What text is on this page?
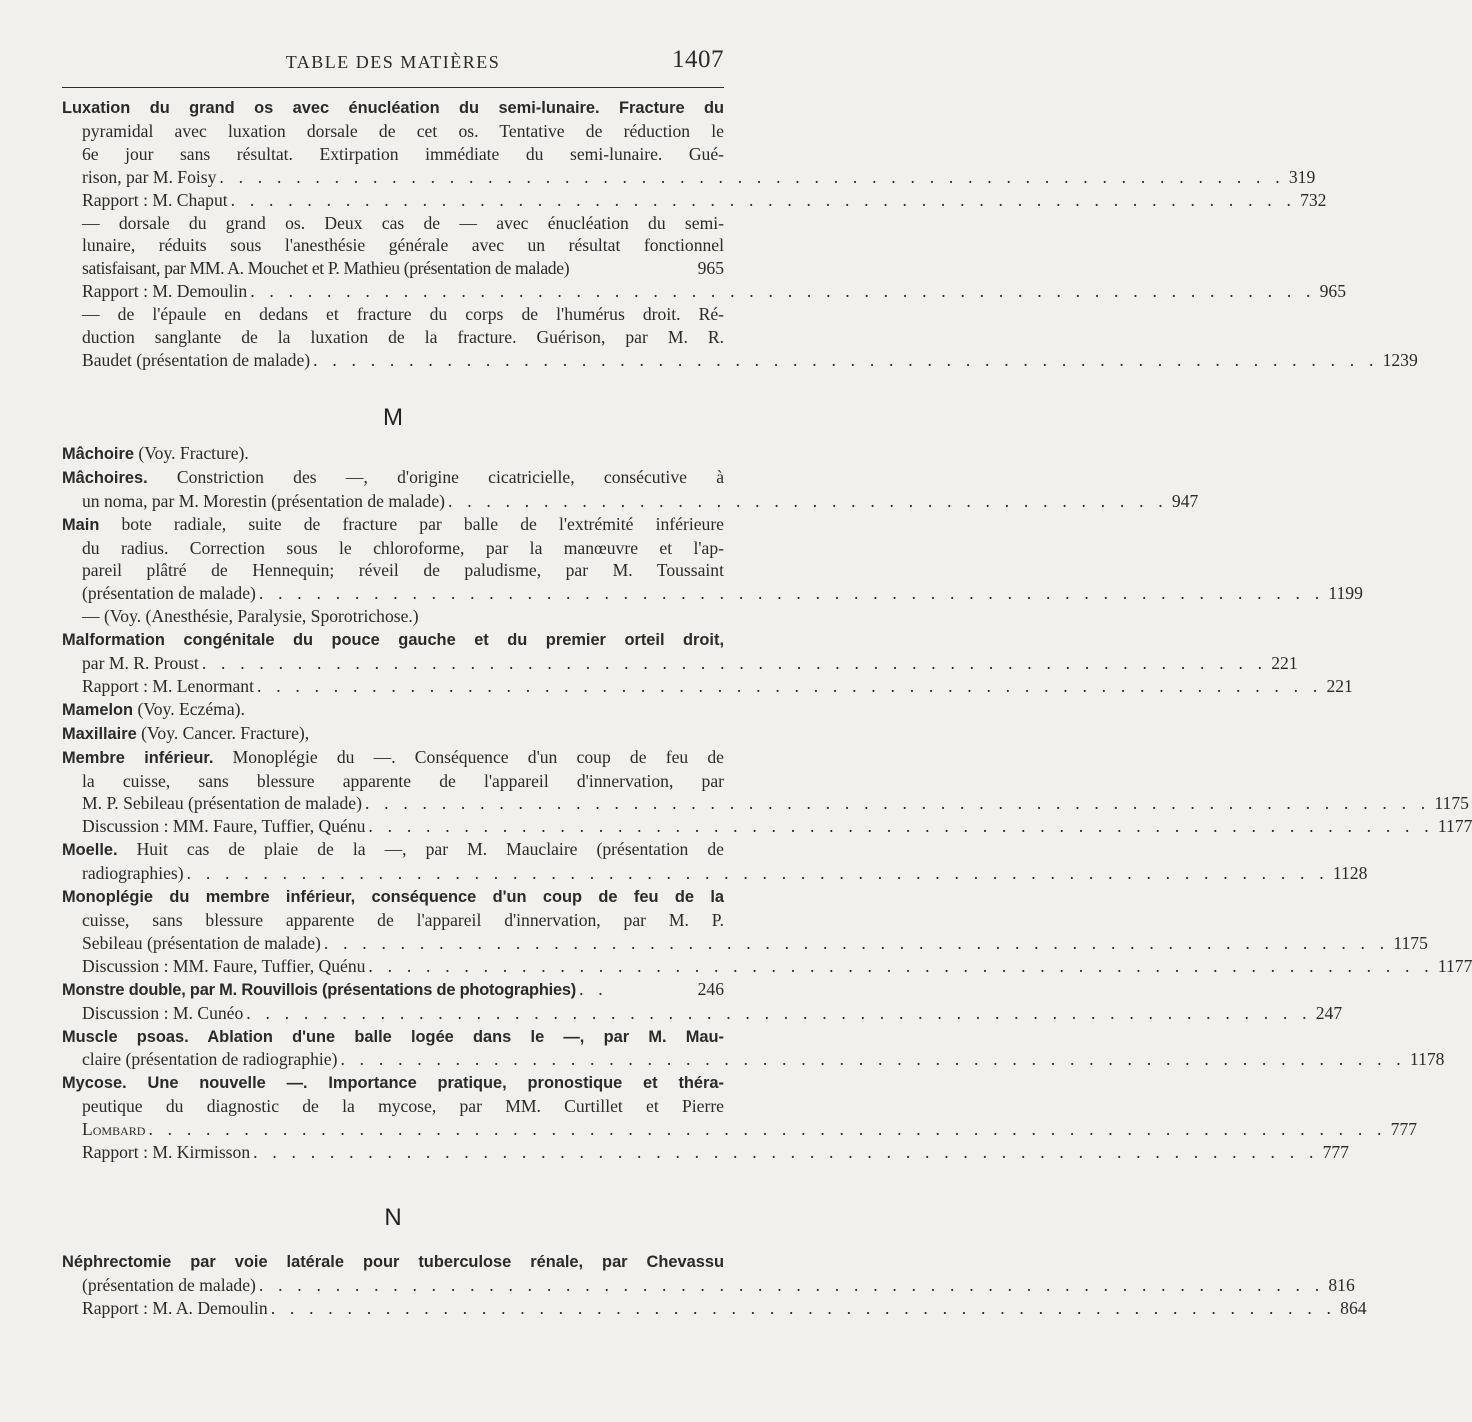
TABLE DES MATIÈRES	1407
Luxation du grand os avec énucléation du semi-lunaire. Fracture du
pyramidal avec luxation dorsale de cet os. Tentative de réduction le
6e jour sans résultat. Extirpation immédiate du semi-lunaire. Gué-
rison, par M. Foisy . . . . . . . . . . . . . . . . . . . . . . . . . . . . . . . . . . . . . . . . . . . . . . . . . . . . . . . . 319
Rapport : M. Chaput . . . . . . . . . . . . . . . . . . . . . . . . . . . . . . . . . . . . . . . . . . . . . . . . . . . . . . . . 732
— dorsale du grand os. Deux cas de — avec énucléation du semi-
lunaire, réduits sous l'anesthésie générale avec un résultat fonctionnel
satisfaisant, par MM. A. Mouchet et P. Mathieu (présentation de malade)	965
Rapport : M. Demoulin . . . . . . . . . . . . . . . . . . . . . . . . . . . . . . . . . . . . . . . . . . . . . . . . . . . . . . . . 965
— de l'épaule en dedans et fracture du corps de l'humérus droit. Ré-
duction sanglante de la luxation de la fracture. Guérison, par M. R.
Baudet (présentation de malade) . . . . . . . . . . . . . . . . . . . . . . . . . . . . . . . . . . . . . . . . . . . . . . . . . . . . . . . . 1239
M
Mâchoire (Voy. Fracture).
Mâchoires. Constriction des —, d'origine cicatricielle, consécutive à
un noma, par M. Morestin (présentation de malade) . . . . . . . . . . . . . . . . . . . . . . . . . . . . . . . . . . . . . . 947
Main bote radiale, suite de fracture par balle de l'extrémité inférieure
du radius. Correction sous le chloroforme, par la manœuvre et l'ap-
pareil plâtré de Hennequin; réveil de paludisme, par M. Toussaint
(présentation de malade) . . . . . . . . . . . . . . . . . . . . . . . . . . . . . . . . . . . . . . . . . . . . . . . . . . . . . . . . 1199
— (Voy. (Anesthésie, Paralysie, Sporotrichose.)
Malformation congénitale du pouce gauche et du premier orteil droit,
par M. R. Proust . . . . . . . . . . . . . . . . . . . . . . . . . . . . . . . . . . . . . . . . . . . . . . . . . . . . . . . . 221
Rapport : M. Lenormant . . . . . . . . . . . . . . . . . . . . . . . . . . . . . . . . . . . . . . . . . . . . . . . . . . . . . . . . 221
Mamelon (Voy. Eczéma).
Maxillaire (Voy. Cancer. Fracture),
Membre inférieur. Monoplégie du —. Conséquence d'un coup de feu de
la cuisse, sans blessure apparente de l'appareil d'innervation, par
M. P. Sebileau (présentation de malade) . . . . . . . . . . . . . . . . . . . . . . . . . . . . . . . . . . . . . . . . . . . . . . . . . . . . . . . . 1175
Discussion : MM. Faure, Tuffier, Quénu . . . . . . . . . . . . . . . . . . . . . . . . . . . . . . . . . . . . . . . . . . . . . . . . . . . . . . . . 1177
Moelle. Huit cas de plaie de la —, par M. Mauclaire (présentation de
radiographies) . . . . . . . . . . . . . . . . . . . . . . . . . . . . . . . . . . . . . . . . . . . . . . . . . . . . . . . . . . . . 1128
Monoplégie du membre inférieur, conséquence d'un coup de feu de la
cuisse, sans blessure apparente de l'appareil d'innervation, par M. P.
Sebileau (présentation de malade) . . . . . . . . . . . . . . . . . . . . . . . . . . . . . . . . . . . . . . . . . . . . . . . . . . . . . . . . 1175
Discussion : MM. Faure, Tuffier, Quénu . . . . . . . . . . . . . . . . . . . . . . . . . . . . . . . . . . . . . . . . . . . . . . . . . . . . . . . . 1177
Monstre double, par M. Rouvillois (présentations de photographies) . .	246
Discussion : M. Cunéo . . . . . . . . . . . . . . . . . . . . . . . . . . . . . . . . . . . . . . . . . . . . . . . . . . . . . . . . 247
Muscle psoas. Ablation d'une balle logée dans le —, par M. Mau-
claire (présentation de radiographie) . . . . . . . . . . . . . . . . . . . . . . . . . . . . . . . . . . . . . . . . . . . . . . . . . . . . . . . . 1178
Mycose. Une nouvelle —. Importance pratique, pronostique et théra-
peutique du diagnostic de la mycose, par MM. Curtillet et Pierre
Lombard . . . . . . . . . . . . . . . . . . . . . . . . . . . . . . . . . . . . . . . . . . . . . . . . . . . . . . . . . . . . . . . . . 777
Rapport : M. Kirmisson . . . . . . . . . . . . . . . . . . . . . . . . . . . . . . . . . . . . . . . . . . . . . . . . . . . . . . . . 777
N
Néphrectomie par voie latérale pour tuberculose rénale, par Chevassu
(présentation de malade) . . . . . . . . . . . . . . . . . . . . . . . . . . . . . . . . . . . . . . . . . . . . . . . . . . . . . . . . 816
Rapport : M. A. Demoulin . . . . . . . . . . . . . . . . . . . . . . . . . . . . . . . . . . . . . . . . . . . . . . . . . . . . . . . . 864
